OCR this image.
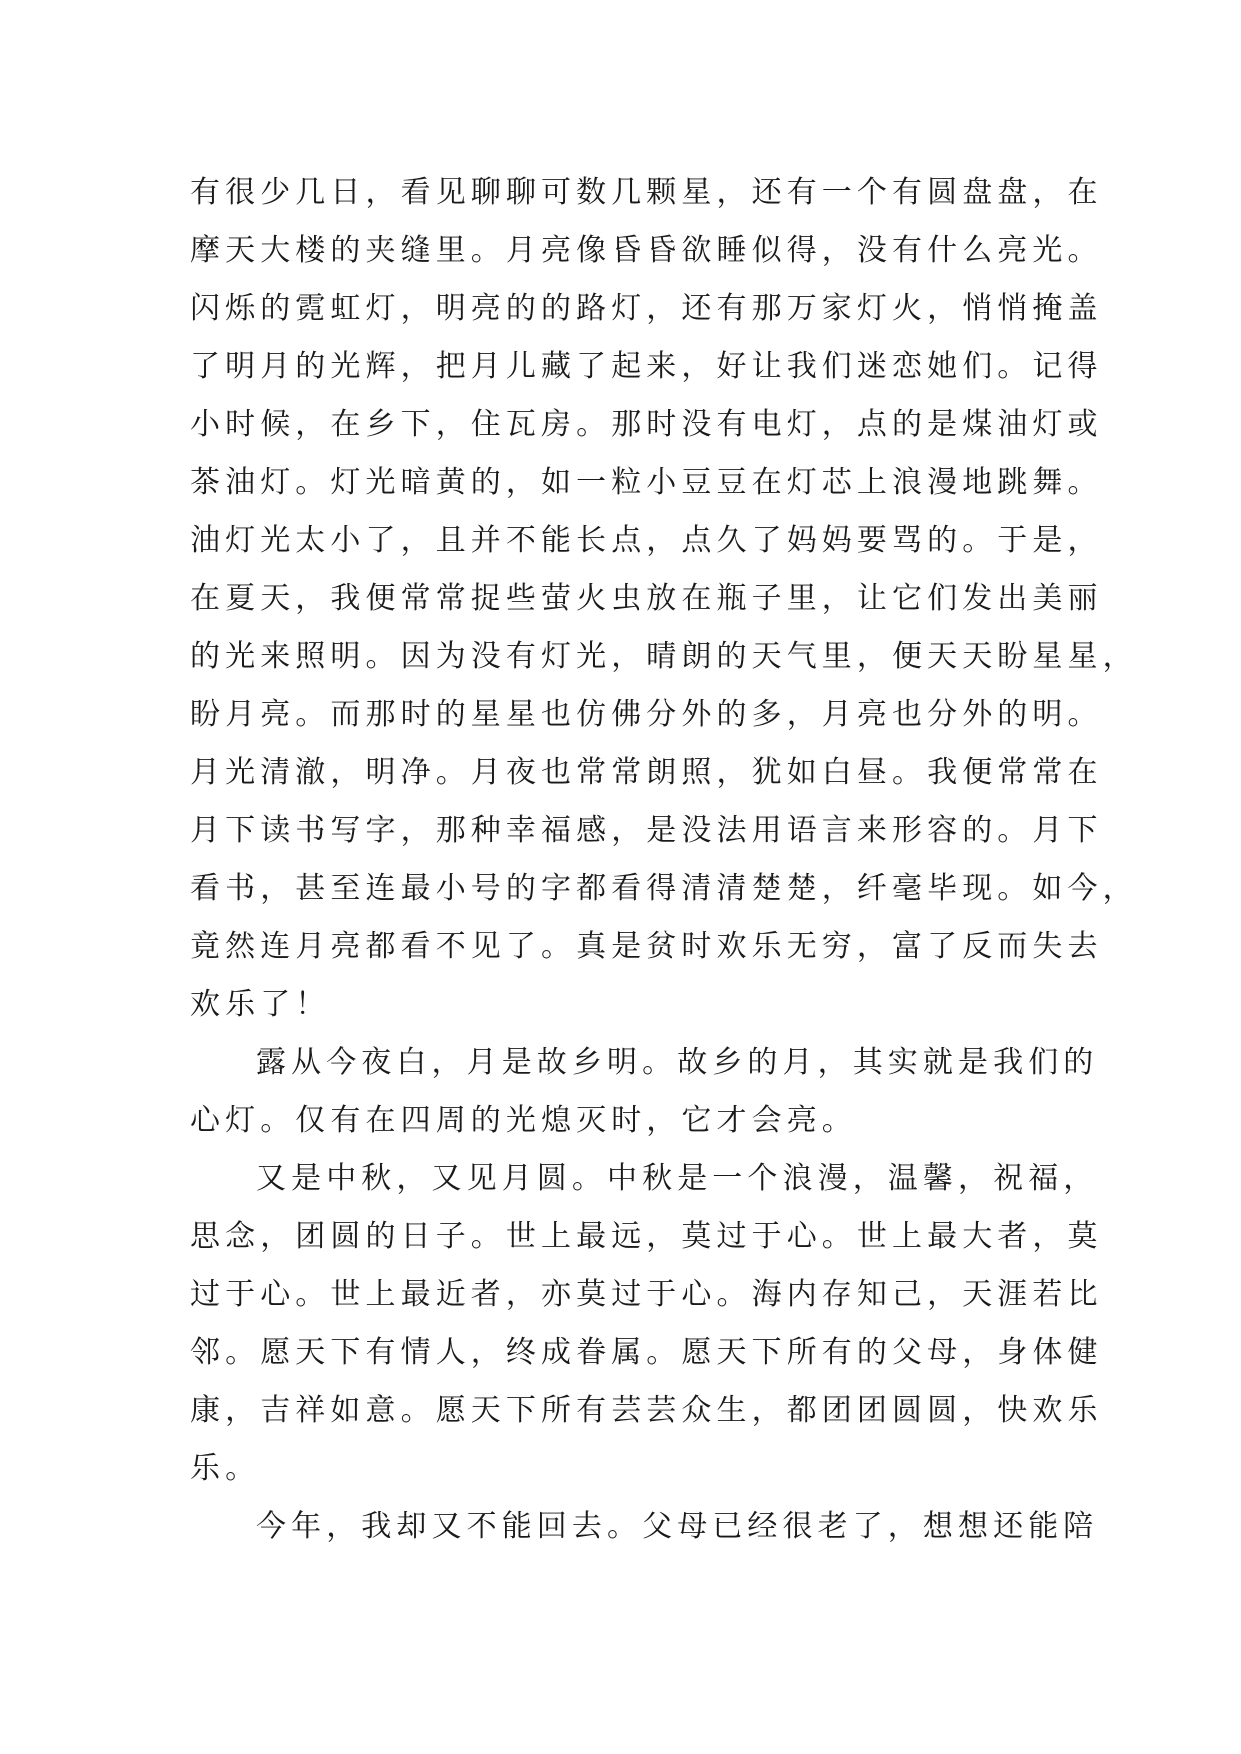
有很少几日，看见聊聊可数几颗星，还有一个有圆盘盘，在
摩天大楼的夹缝里。月亮像昏昏欲睡似得，没有什么亮光。
闪烁的霓虹灯，明亮的的路灯，还有那万家灯火，悄悄掩盖
了明月的光辉，把月儿藏了起来，好让我们迷恋她们。记得
小时候，在乡下，住瓦房。那时没有电灯，点的是煤油灯或
茶油灯。灯光暗黄的，如一粒小豆豆在灯芯上浪漫地跳舞。
油灯光太小了，且并不能长点，点久了妈妈要骂的。于是，
在夏天，我便常常捉些萤火虫放在瓶子里，让它们发出美丽
的光来照明。因为没有灯光，晴朗的天气里，便天天盼星星，
盼月亮。而那时的星星也仿佛分外的多，月亮也分外的明。
月光清澈，明净。月夜也常常朗照，犹如白昼。我便常常在
月下读书写字，那种幸福感，是没法用语言来形容的。月下
看书，甚至连最小号的字都看得清清楚楚，纤毫毕现。如今，
竟然连月亮都看不见了。真是贫时欢乐无穷，富了反而失去
欢乐了！
露从今夜白，月是故乡明。故乡的月，其实就是我们的
心灯。仅有在四周的光熄灭时，它才会亮。
又是中秋，又见月圆。中秋是一个浪漫，温馨，祝福，
思念，团圆的日子。世上最远，莫过于心。世上最大者，莫
过于心。世上最近者，亦莫过于心。海内存知己，天涯若比
邻。愿天下有情人，终成眷属。愿天下所有的父母，身体健
康，吉祥如意。愿天下所有芸芸众生，都团团圆圆，快欢乐
乐。
今年，我却又不能回去。父母已经很老了，想想还能陪
